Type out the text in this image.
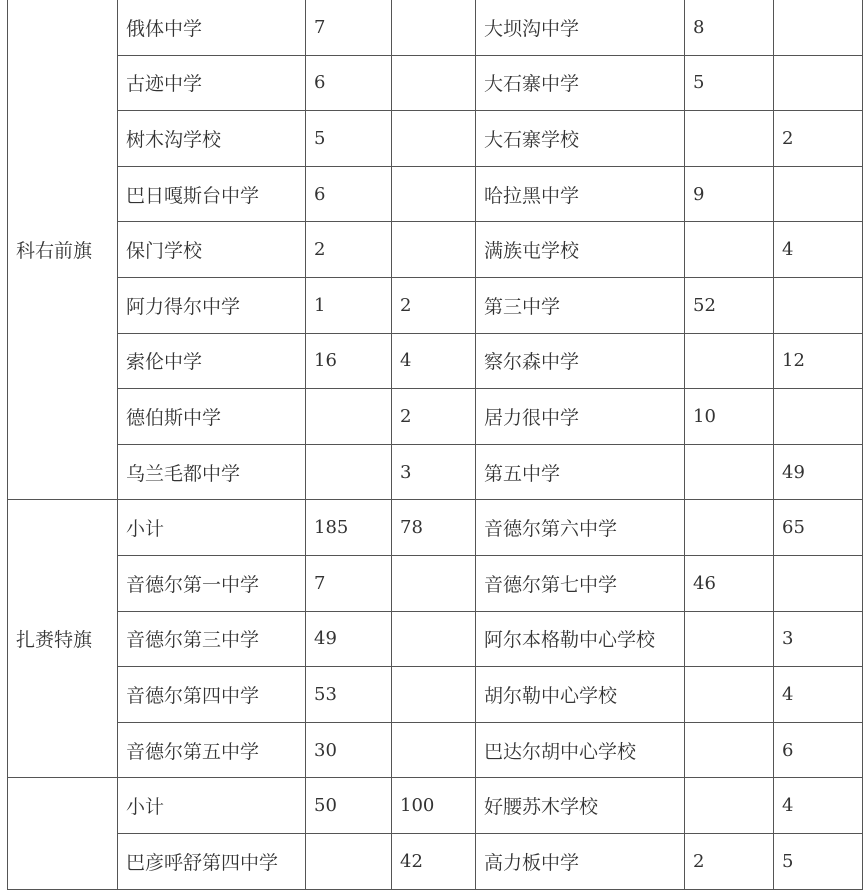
科右前旗	俄体中学	7		大坝沟中学	8	
	古迹中学	6		大石寨中学	5	
	树木沟学校	5		大石寨学校		2
	巴日嘎斯台中学	6		哈拉黑中学	9	
	保门学校	2		满族屯学校		4
	阿力得尔中学	1	2	第三中学	52	
	索伦中学	16	4	察尔森中学		12
	德伯斯中学		2	居力很中学	10	
	乌兰毛都中学		3	第五中学		49
扎赉特旗	小计	185	78	音德尔第六中学		65
	音德尔第一中学	7		音德尔第七中学	46	
	音德尔第三中学	49		阿尔本格勒中心学校		3
	音德尔第四中学	53		胡尔勒中心学校		4
	音德尔第五中学	30		巴达尔胡中心学校		6
	小计	50	100	好腰苏木学校		4
	巴彦呼舒第四中学		42	高力板中学	2	5
